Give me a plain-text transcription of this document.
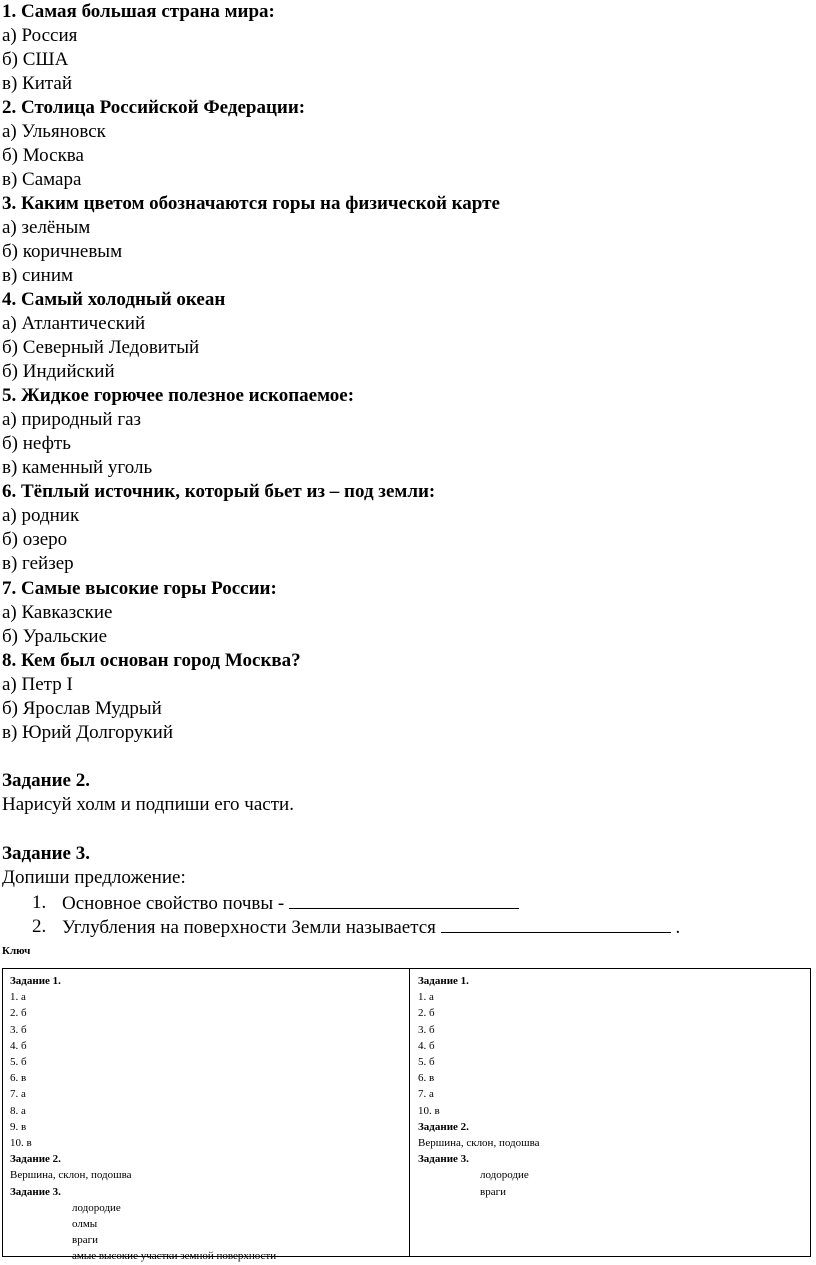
1. Самая большая страна мира:
а) Россия
б) США
в) Китай
2. Столица Российской Федерации:
а) Ульяновск
б) Москва
в) Самара
3. Каким цветом обозначаются горы на физической карте
а) зелёным
б) коричневым
в) синим
4. Самый холодный океан
а) Атлантический
б) Северный Ледовитый
б) Индийский
5. Жидкое горючее полезное ископаемое:
а) природный газ
б) нефть
в) каменный уголь
6. Тёплый источник, который бьет из – под земли:
а) родник
б) озеро
в) гейзер
7. Самые высокие горы России:
а) Кавказские
б) Уральские
8. Кем был основан город Москва?
а) Петр I
б) Ярослав Мудрый
в) Юрий Долгорукий
Задание 2.
Нарисуй холм и подпиши его части.
Задание 3.
Допиши предложение:
1. Основное свойство почвы -
2. Углубления на поверхности Земли называется	.
Ключ
Задание 1.
1. а
2. б
3. б
4. б
5. б
6. в
7. а
8. а
9. в
10. в
Задание 2.
Вершина, склон, подошва
Задание 3.
лодородие
олмы
враги
амые высокие участки земной поверхности
Задание 1.
1. а
2. б
3. б
4. б
5. б
6. в
7. а
10. в
Задание 2.
Вершина, склон, подошва
Задание 3.
лодородие
враги
